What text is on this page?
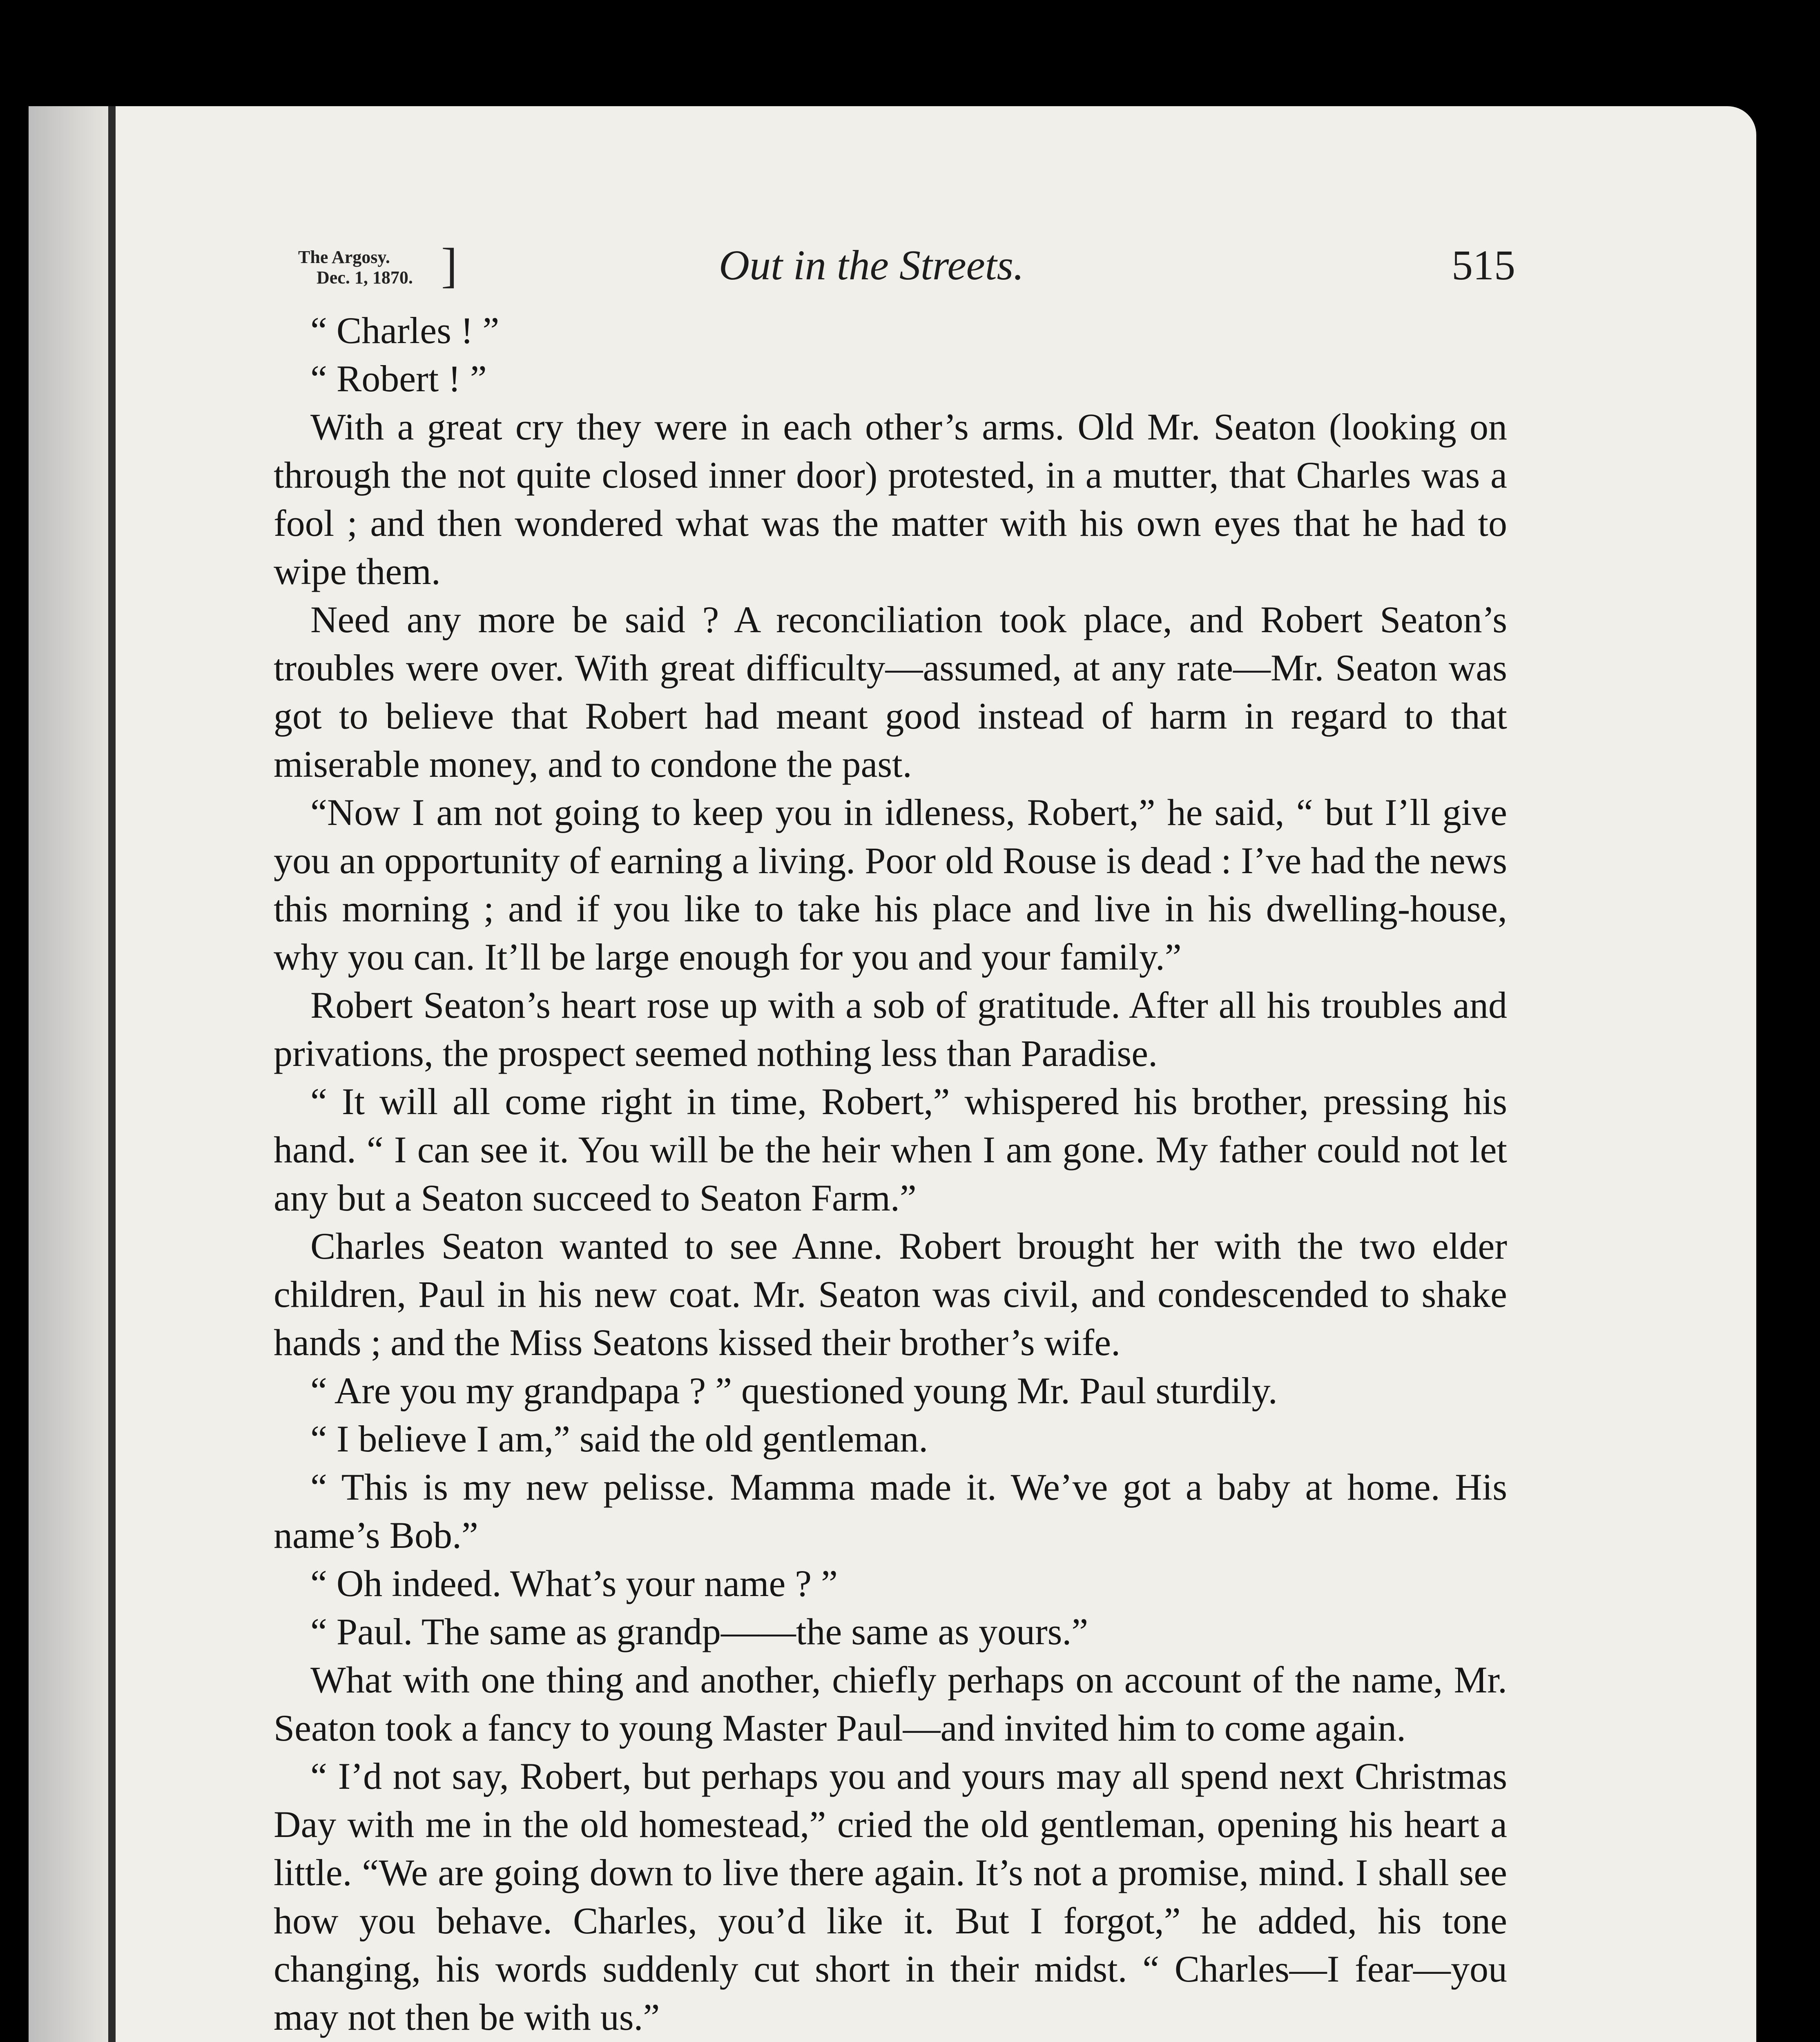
The Argosy.
Dec. 1, 1870. ]	Out in the Streets.	515

“ Charles ! ”

“ Robert ! ”

With a great cry they were in each other’s arms. Old Mr. Seaton (looking on through the not quite closed inner door) protested, in a mutter, that Charles was a fool ; and then wondered what was the matter with his own eyes that he had to wipe them.

Need any more be said ? A reconciliation took place, and Robert Seaton’s troubles were over. With great difficulty—assumed, at any rate—Mr. Seaton was got to believe that Robert had meant good instead of harm in regard to that miserable money, and to condone the past.

“Now I am not going to keep you in idleness, Robert,” he said, “ but I’ll give you an opportunity of earning a living. Poor old Rouse is dead : I’ve had the news this morning ; and if you like to take his place and live in his dwelling-house, why you can. It’ll be large enough for you and your family.”

Robert Seaton’s heart rose up with a sob of gratitude. After all his troubles and privations, the prospect seemed nothing less than Paradise.

“ It will all come right in time, Robert,” whispered his brother, pressing his hand. “ I can see it. You will be the heir when I am gone. My father could not let any but a Seaton succeed to Seaton Farm.”

Charles Seaton wanted to see Anne. Robert brought her with the two elder children, Paul in his new coat. Mr. Seaton was civil, and condescended to shake hands ; and the Miss Seatons kissed their brother’s wife.

“ Are you my grandpapa ? ” questioned young Mr. Paul sturdily.

“ I believe I am,” said the old gentleman.

“ This is my new pelisse. Mamma made it. We’ve got a baby at home. His name’s Bob.”

“ Oh indeed. What’s your name ? ”

“ Paul. The same as grandp——the same as yours.”

What with one thing and another, chiefly perhaps on account of the name, Mr. Seaton took a fancy to young Master Paul—and invited him to come again.

“ I’d not say, Robert, but perhaps you and yours may all spend next Christmas Day with me in the old homestead,” cried the old gentleman, opening his heart a little. “We are going down to live there again. It’s not a promise, mind. I shall see how you behave. Charles, you’d like it. But I forgot,” he added, his tone changing, his words suddenly cut short in their midst. “ Charles—I fear—you may not then be with us.”
